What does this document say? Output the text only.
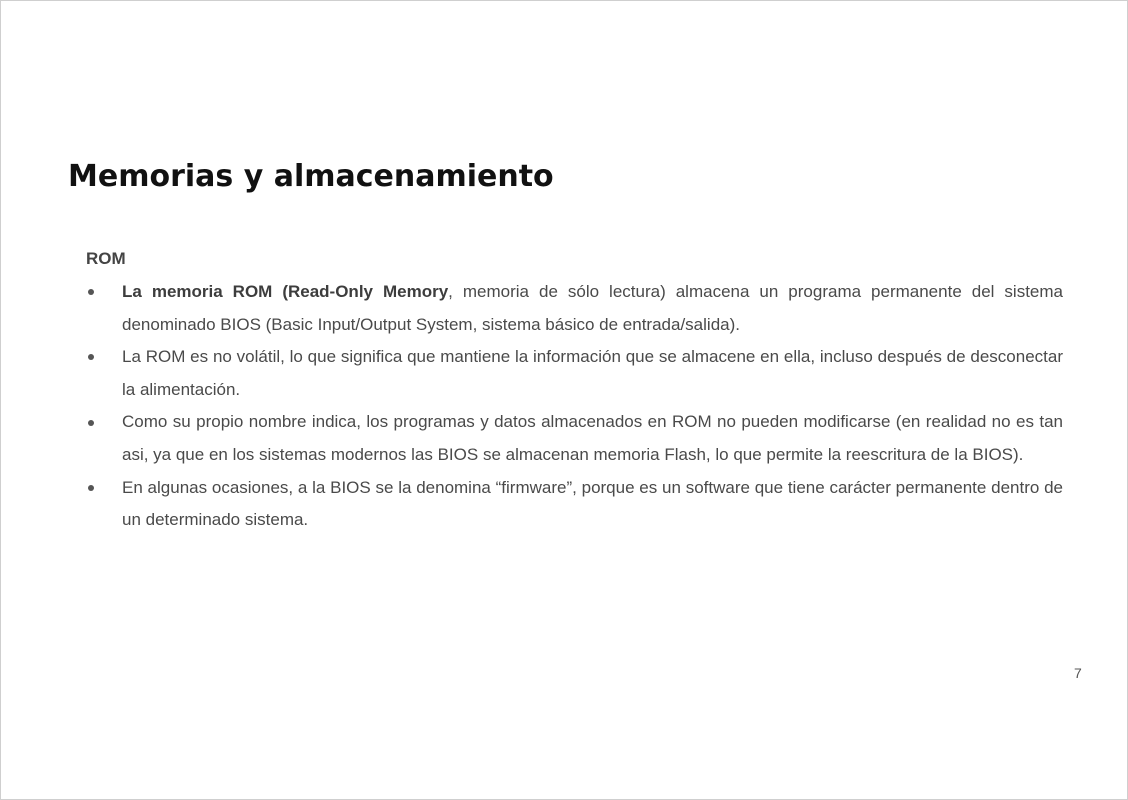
Memorias y almacenamiento
ROM
La memoria ROM (Read-Only Memory, memoria de sólo lectura) almacena un programa permanente del sistema denominado BIOS (Basic Input/Output System, sistema básico de entrada/salida).
La ROM es no volátil, lo que significa que mantiene la información que se almacene en ella, incluso después de desconectar la alimentación.
Como su propio nombre indica, los programas y datos almacenados en ROM no pueden modificarse (en realidad no es tan asi, ya que en los sistemas modernos las BIOS se almacenan memoria Flash, lo que permite la reescritura de la BIOS).
En algunas ocasiones, a la BIOS se la denomina “firmware”, porque es un software que tiene carácter permanente dentro de un determinado sistema.
7
